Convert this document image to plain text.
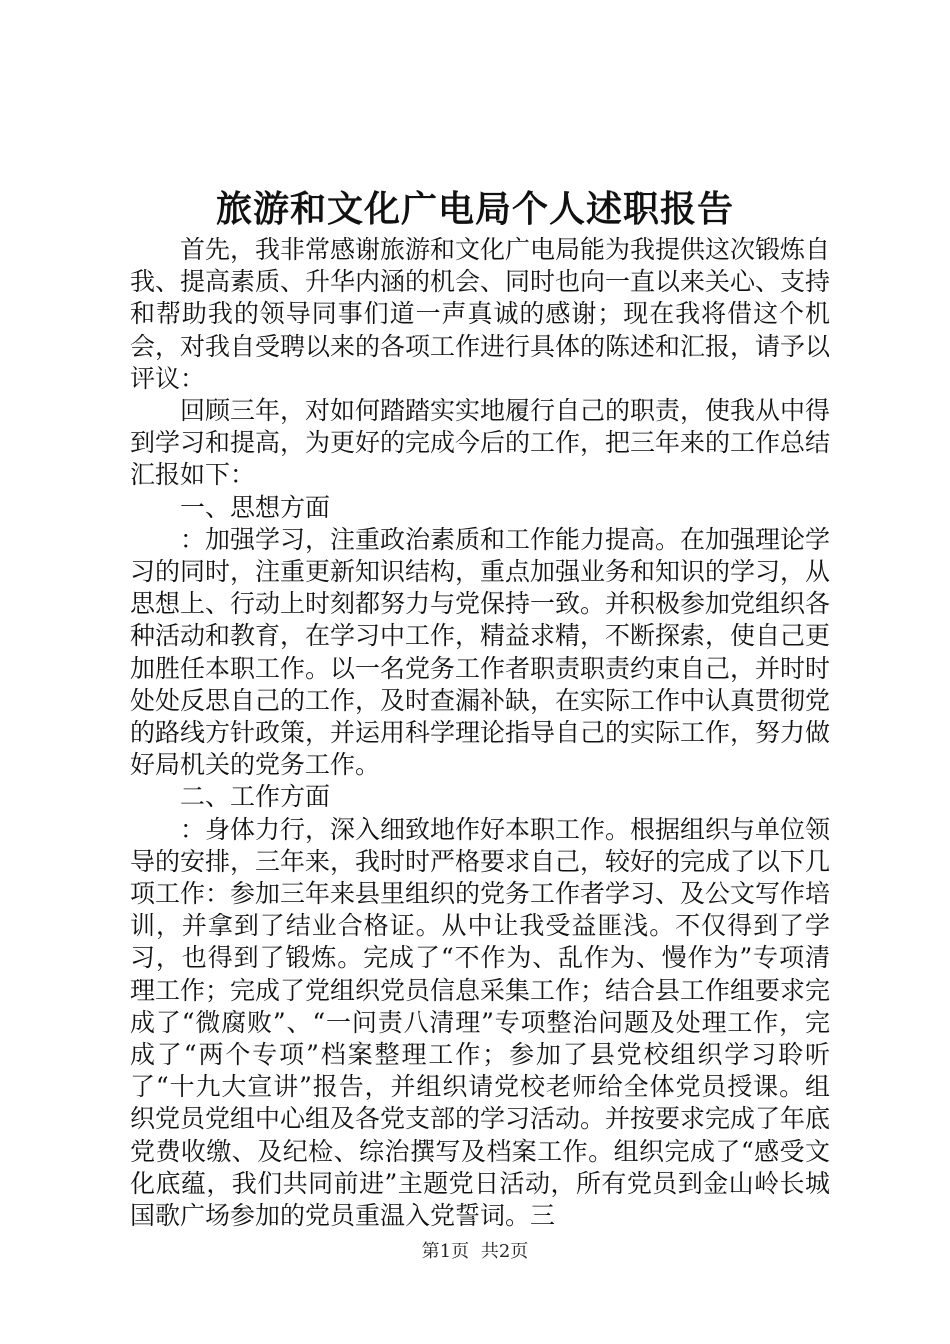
旅游和文化广电局个人述职报告

首先，我非常感谢旅游和文化广电局能为我提供这次锻炼自我、提高素质、升华内涵的机会、同时也向一直以来关心、支持和帮助我的领导同事们道一声真诚的感谢；现在我将借这个机会，对我自受聘以来的各项工作进行具体的陈述和汇报，请予以评议：

回顾三年，对如何踏踏实实地履行自己的职责，使我从中得到学习和提高，为更好的完成今后的工作，把三年来的工作总结汇报如下：

一、思想方面

：加强学习，注重政治素质和工作能力提高。在加强理论学习的同时，注重更新知识结构，重点加强业务和知识的学习，从思想上、行动上时刻都努力与党保持一致。并积极参加党组织各种活动和教育，在学习中工作，精益求精，不断探索，使自己更加胜任本职工作。以一名党务工作者职责职责约束自己，并时时处处反思自己的工作，及时查漏补缺，在实际工作中认真贯彻党的路线方针政策，并运用科学理论指导自己的实际工作，努力做好局机关的党务工作。

二、工作方面

：身体力行，深入细致地作好本职工作。根据组织与单位领导的安排，三年来，我时时严格要求自己，较好的完成了以下几项工作：参加三年来县里组织的党务工作者学习、及公文写作培训，并拿到了结业合格证。从中让我受益匪浅。不仅得到了学习，也得到了锻炼。完成了“不作为、乱作为、慢作为”专项清理工作；完成了党组织党员信息采集工作；结合县工作组要求完成了“微腐败”、“一问责八清理”专项整治问题及处理工作，完成了“两个专项”档案整理工作；参加了县党校组织学习聆听了“十九大宣讲”报告，并组织请党校老师给全体党员授课。组织党员党组中心组及各党支部的学习活动。并按要求完成了年底党费收缴、及纪检、综治撰写及档案工作。组织完成了“感受文化底蕴，我们共同前进”主题党日活动，所有党员到金山岭长城国歌广场参加的党员重温入党誓词。三

第1页 共2页
